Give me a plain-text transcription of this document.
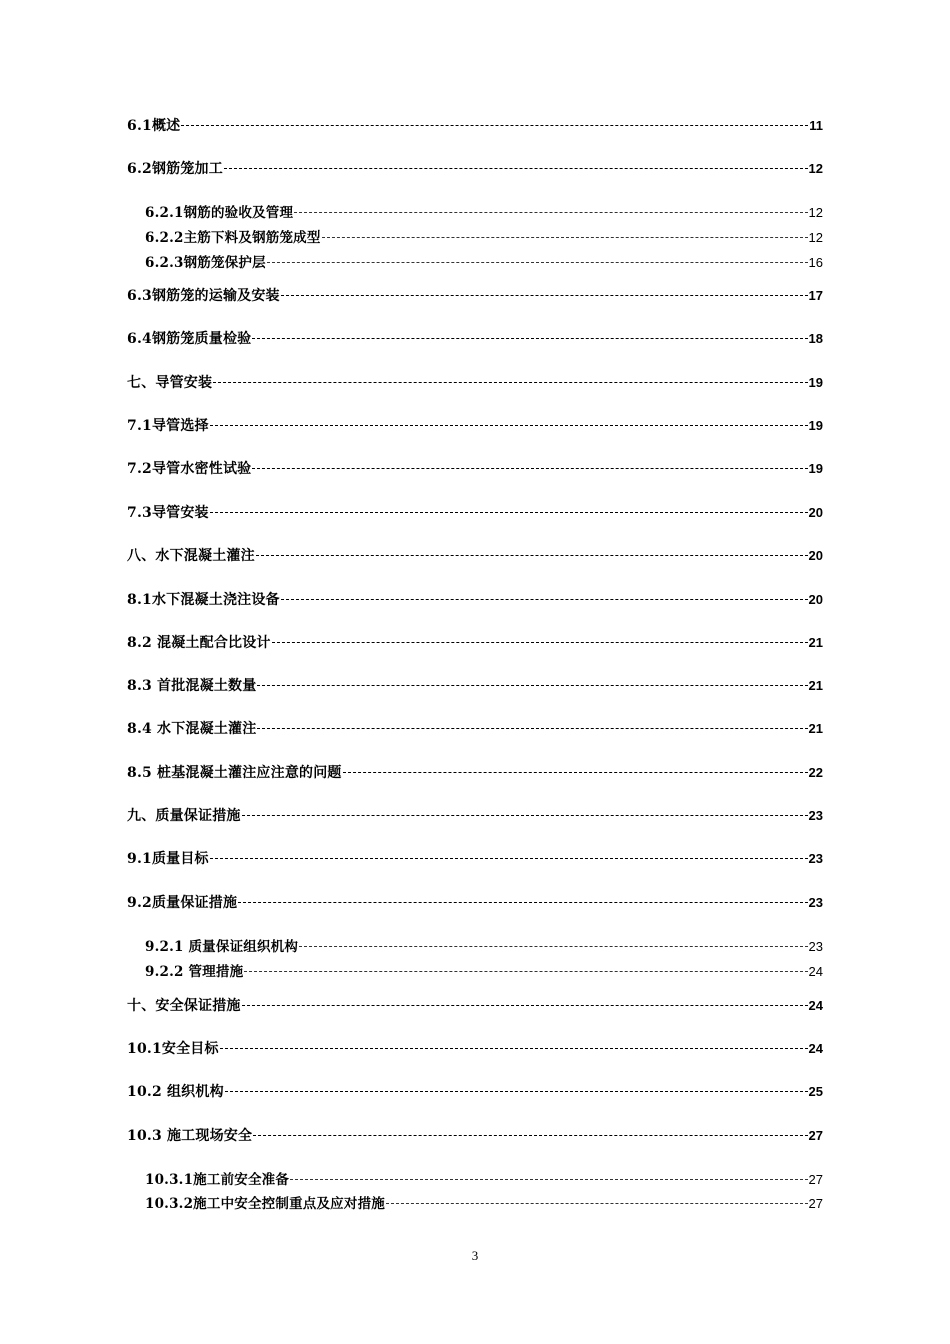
6.1概述	11
6.2钢筋笼加工	12
6.2.1钢筋的验收及管理	12
6.2.2主筋下料及钢筋笼成型	12
6.2.3钢筋笼保护层	16
6.3钢筋笼的运输及安装	17
6.4钢筋笼质量检验	18
七、导管安装	19
7.1导管选择	19
7.2导管水密性试验	19
7.3导管安装	20
八、水下混凝土灌注	20
8.1水下混凝土浇注设备	20
8.2 混凝土配合比设计	21
8.3 首批混凝土数量	21
8.4 水下混凝土灌注	21
8.5 桩基混凝土灌注应注意的问题	22
九、质量保证措施	23
9.1质量目标	23
9.2质量保证措施	23
9.2.1 质量保证组织机构	23
9.2.2 管理措施	24
十、安全保证措施	24
10.1安全目标	24
10.2 组织机构	25
10.3 施工现场安全	27
10.3.1施工前安全准备	27
10.3.2施工中安全控制重点及应对措施	27
3
